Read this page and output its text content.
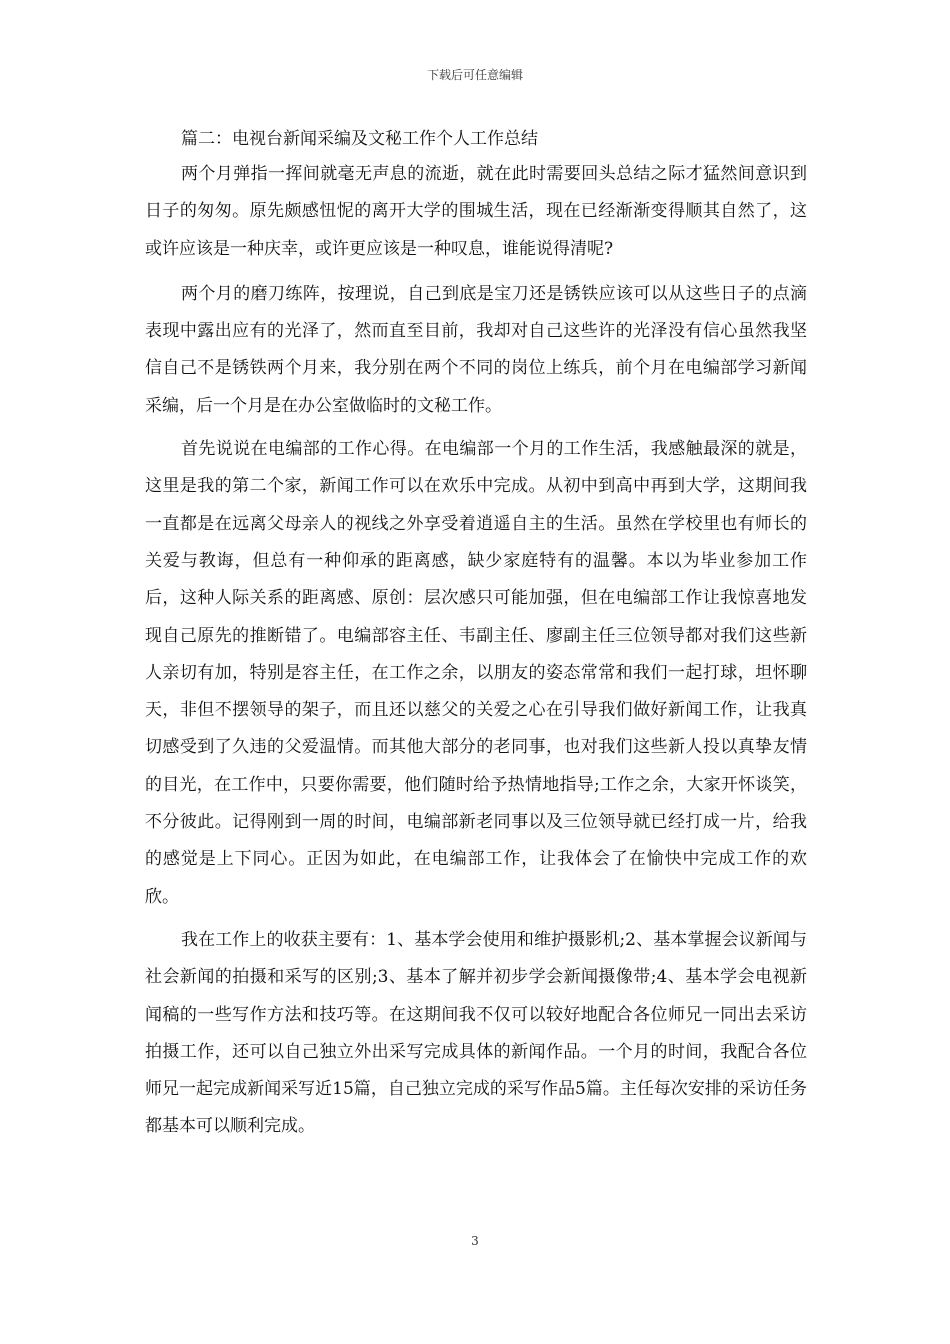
下载后可任意编辑
篇二：电视台新闻采编及文秘工作个人工作总结

两个月弹指一挥间就毫无声息的流逝，就在此时需要回头总结之际才猛然间意识到日子的匆匆。原先颇感忸怩的离开大学的围城生活，现在已经渐渐变得顺其自然了，这或许应该是一种庆幸，或许更应该是一种叹息，谁能说得清呢?

两个月的磨刀练阵，按理说，自己到底是宝刀还是锈铁应该可以从这些日子的点滴表现中露出应有的光泽了，然而直至目前，我却对自己这些许的光泽没有信心虽然我坚信自己不是锈铁两个月来，我分别在两个不同的岗位上练兵，前个月在电编部学习新闻采编，后一个月是在办公室做临时的文秘工作。

首先说说在电编部的工作心得。在电编部一个月的工作生活，我感触最深的就是，这里是我的第二个家，新闻工作可以在欢乐中完成。从初中到高中再到大学，这期间我一直都是在远离父母亲人的视线之外享受着逍遥自主的生活。虽然在学校里也有师长的关爱与教诲，但总有一种仰承的距离感，缺少家庭特有的温馨。本以为毕业参加工作后，这种人际关系的距离感、原创：层次感只可能加强，但在电编部工作让我惊喜地发现自己原先的推断错了。电编部容主任、韦副主任、廖副主任三位领导都对我们这些新人亲切有加，特别是容主任，在工作之余，以朋友的姿态常常和我们一起打球，坦怀聊天，非但不摆领导的架子，而且还以慈父的关爱之心在引导我们做好新闻工作，让我真切感受到了久违的父爱温情。而其他大部分的老同事，也对我们这些新人投以真挚友情的目光，在工作中，只要你需要，他们随时给予热情地指导;工作之余，大家开怀谈笑，不分彼此。记得刚到一周的时间，电编部新老同事以及三位领导就已经打成一片，给我的感觉是上下同心。正因为如此，在电编部工作，让我体会了在愉快中完成工作的欢欣。

我在工作上的收获主要有：1、基本学会使用和维护摄影机;2、基本掌握会议新闻与社会新闻的拍摄和采写的区别;3、基本了解并初步学会新闻摄像带;4、基本学会电视新闻稿的一些写作方法和技巧等。在这期间我不仅可以较好地配合各位师兄一同出去采访拍摄工作，还可以自己独立外出采写完成具体的新闻作品。一个月的时间，我配合各位师兄一起完成新闻采写近15篇，自己独立完成的采写作品5篇。主任每次安排的采访任务都基本可以顺利完成。

3
